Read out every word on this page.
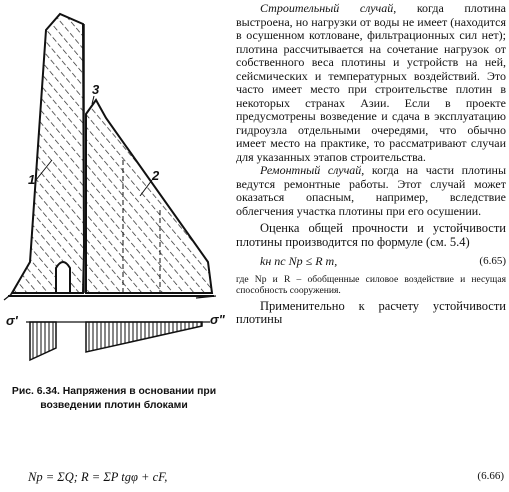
1	2
3
σ'	σ"
Рис. 6.34. Напряжения в основании при возведении плотин блоками

Строительный случай, когда плотина выстроена, но нагрузки от воды не имеет (находится в осушенном котловане, фильтрационных сил нет); плотина рассчитывается на сочетание нагрузок от собственного веса плотины и устройств на ней, сейсмических и температурных воздействий. Это часто имеет место при строительстве плотин в некоторых странах Азии. Если в проекте предусмотрены возведение и сдача в эксплуатацию гидроузла отдельными очередями, что обычно имеет место на практике, то рассматривают случаи для указанных этапов строительства.

Ремонтный случай, когда на части плотины ведутся ремонтные работы. Этот случай может оказаться опасным, например, вследствие облегчения участка плотины при его осушении.

Оценка общей прочности и устойчивости плотины производится по формуле (см. 5.4)

kн nc Np ≤ R m,	(6.65)

где Np и R – обобщенные силовое воздействие и несущая способность сооружения.

Применительно к расчету устойчивости плотины

Np = ΣQ; R = ΣP tgφ + cF,	(6.66)
